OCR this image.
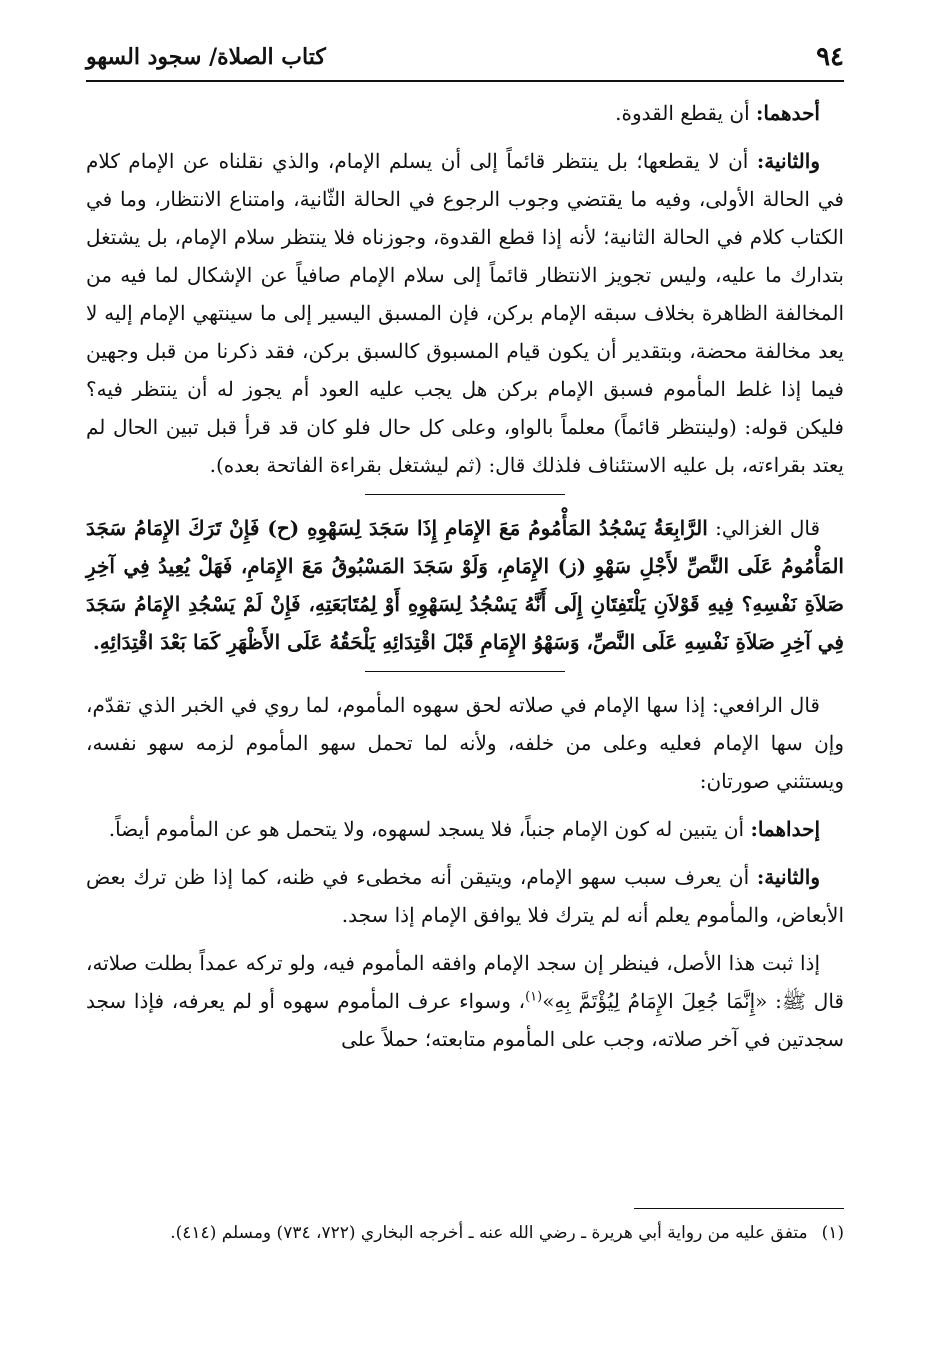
٩٤
كتاب الصلاة/ سجود السهو

أحدهما: أن يقطع القدوة.

والثانية: أن لا يقطعها؛ بل ينتظر قائماً إلى أن يسلم الإمام، والذي نقلناه عن الإمام كلام في الحالة الأولى، وفيه ما يقتضي وجوب الرجوع في الحالة الثّانية، وامتناع الانتظار، وما في الكتاب كلام في الحالة الثانية؛ لأنه إذا قطع القدوة، وجوزناه فلا ينتظر سلام الإمام، بل يشتغل بتدارك ما عليه، وليس تجويز الانتظار قائماً إلى سلام الإمام صافياً عن الإشكال لما فيه من المخالفة الظاهرة بخلاف سبقه الإمام بركن، فإن المسبق اليسير إلى ما سينتهي الإمام إليه لا يعد مخالفة محضة، وبتقدير أن يكون قيام المسبوق كالسبق بركن، فقد ذكرنا من قبل وجهين فيما إذا غلط المأموم فسبق الإمام بركن هل يجب عليه العود أم يجوز له أن ينتظر فيه؟ فليكن قوله: (ولينتظر قائماً) معلماً بالواو، وعلى كل حال فلو كان قد قرأ قبل تبين الحال لم يعتد بقراءته، بل عليه الاستئناف فلذلك قال: (ثم ليشتغل بقراءة الفاتحة بعده).

قال الغزالي: الرَّابِعَةُ يَسْجُدُ المَأْمُومُ مَعَ الإِمَامِ إِذَا سَجَدَ لِسَهْوِهِ (ح) فَإِنْ تَرَكَ الإِمَامُ سَجَدَ المَأْمُومُ عَلَى النَّصِّ لأَجْلِ سَهْوِ (ز) الإِمَامِ، وَلَوْ سَجَدَ المَسْبُوقُ مَعَ الإِمَامِ، فَهَلْ يُعِيدُ فِي آخِرِ صَلاَةِ نَفْسِهِ؟ فِيهِ قَوْلاَنِ يَلْتَفِتَانِ إِلَى أَنَّهُ يَسْجُدُ لِسَهْوِهِ أَوْ لِمُتَابَعَتِهِ، فَإِنْ لَمْ يَسْجُدِ الإِمَامُ سَجَدَ فِي آخِرِ صَلاَةِ نَفْسِهِ عَلَى النَّصِّ، وَسَهْوُ الإِمَامِ قَبْلَ اقْتِدَائِهِ يَلْحَقُهُ عَلَى الأَظْهَرِ كَمَا بَعْدَ اقْتِدَائِهِ.

قال الرافعي: إذا سها الإمام في صلاته لحق سهوه المأموم، لما روي في الخبر الذي تقدّم، وإن سها الإمام فعليه وعلى من خلفه، ولأنه لما تحمل سهو المأموم لزمه سهو نفسه، ويستثني صورتان:

إحداهما: أن يتبين له كون الإمام جنباً، فلا يسجد لسهوه، ولا يتحمل هو عن المأموم أيضاً.

والثانية: أن يعرف سبب سهو الإمام، ويتيقن أنه مخطىء في ظنه، كما إذا ظن ترك بعض الأبعاض، والمأموم يعلم أنه لم يترك فلا يوافق الإمام إذا سجد.

إذا ثبت هذا الأصل، فينظر إن سجد الإمام وافقه المأموم فيه، ولو تركه عمداً بطلت صلاته، قال ﷺ: «إِنَّمَا جُعِلَ الإِمَامُ لِيُؤْتَمَّ بِهِ»$^{(١)}$، وسواء عرف المأموم سهوه أو لم يعرفه، فإذا سجد سجدتين في آخر صلاته، وجب على المأموم متابعته؛ حملاً على

(١)متفق عليه من رواية أبي هريرة ـ رضي الله عنه ـ أخرجه البخاري (٧٢٢، ٧٣٤) ومسلم (٤١٤).
